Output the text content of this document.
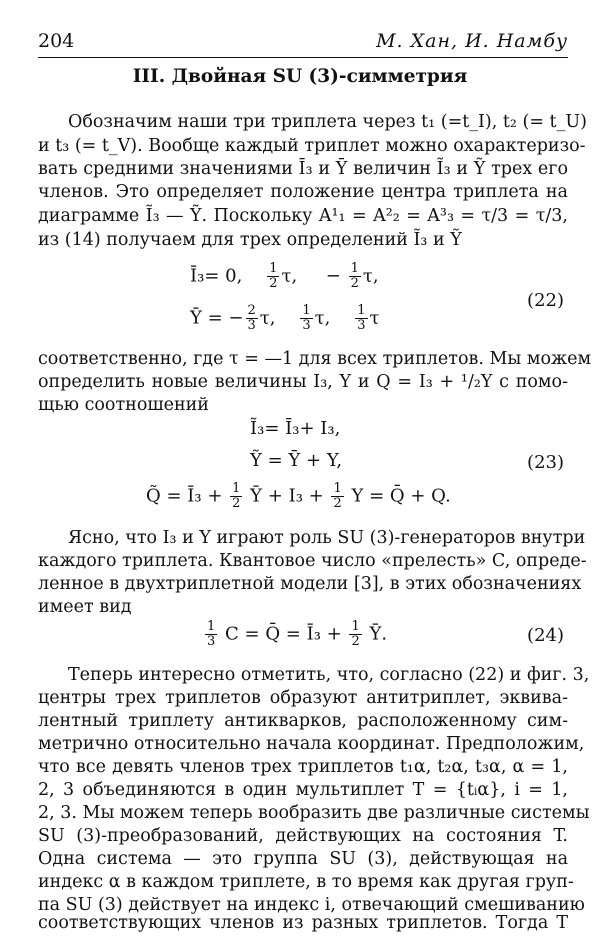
204	М. Хан, И. Намбу
III. Двойная SU (3)-симметрия
Обозначим наши три триплета через t₁ (=t_I), t₂ (= t_U)
и t₃ (= t_V). Вообще каждый триплет можно охарактеризо-
вать средними значениями Ī₃ и Ȳ величин Ĩ₃ и Ỹ трех его
членов. Это определяет положение центра триплета на
диаграмме Ĩ₃ — Ỹ. Поскольку A¹₁ = A²₂ = A³₃ = τ/3 = τ/3,
из (14) получаем для трех определений Ĩ₃ и Ỹ
Ī₃= 0, $\frac{1}{2} \tau$, − $\frac{1}{2} \tau$,
Ȳ = − $\frac{2}{3} \tau$, $\frac{1}{3} \tau$, $\frac{1}{3}$ τ
(22)
соответственно, где τ = —1 для всех триплетов. Мы можем
определить новые величины I₃, Y и Q = I₃ + ¹/₂Y с помо-
щью соотношений
Ĩ₃= Ī₃+ I₃,
Ỹ = Ȳ + Y,	(23)
Q̃ = Ī₃ + $\frac{1}{2}$ Ȳ + $I_3 + \frac{1}{2}$ Y = Q̄ + Q.
Ясно, что I₃ и Y играют роль SU (3)-генераторов внутри
каждого триплета. Квантовое число «прелесть» C, опреде-
ленное в двухтриплетной модели [3], в этих обозначениях
имеет вид
$\frac{1}{3}$ C = Q̄ = Ī₃ + $\frac{1}{2}$ Ȳ.	(24)
Теперь интересно отметить, что, согласно (22) и фиг. 3,
центры трех триплетов образуют антитриплет, эквива-
лентный триплету антикварков, расположенному сим-
метрично относительно начала координат. Предположим,
что все девять членов трех триплетов t₁α, t₂α, t₃α, α = 1,
2, 3 объединяются в один мультиплет T = {tᵢα}, i = 1,
2, 3. Мы можем теперь вообразить две различные системы
SU (3)-преобразований, действующих на состояния T.
Одна система — это группа SU (3), действующая на
индекс α в каждом триплете, в то время как другая груп-
па SU (3) действует на индекс i, отвечающий смешиванию
соответствующих членов из разных триплетов. Тогда T
